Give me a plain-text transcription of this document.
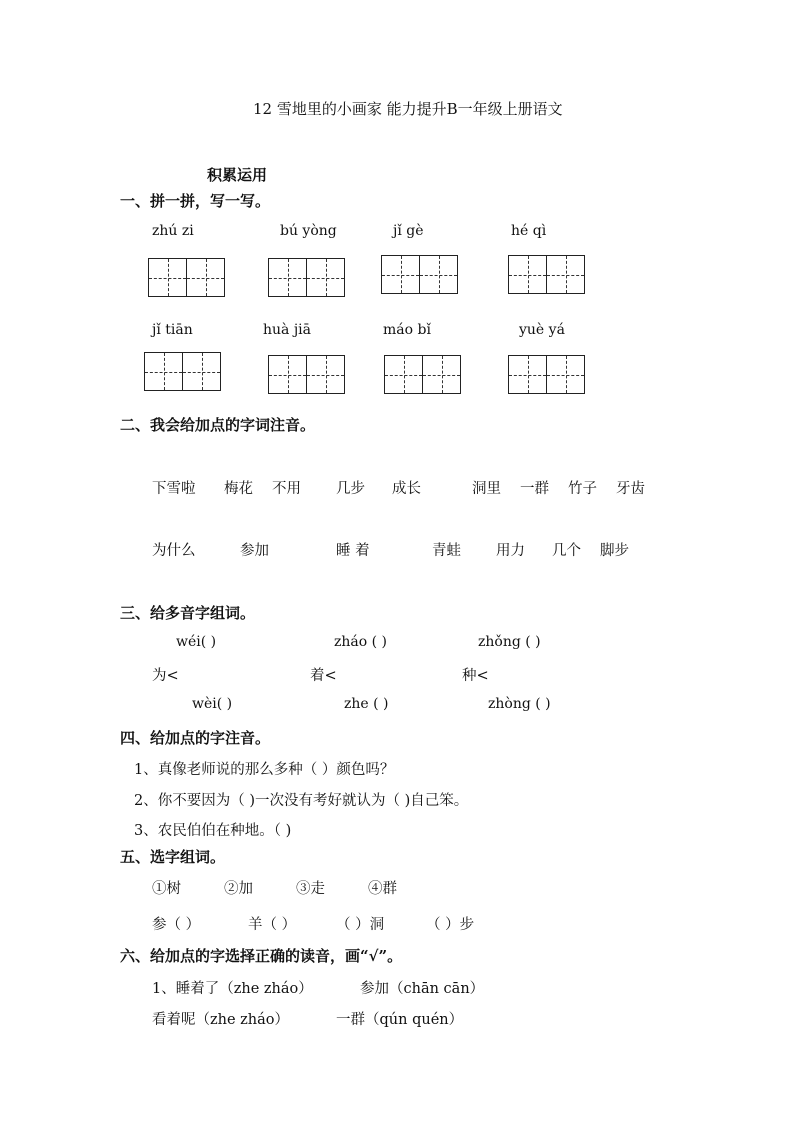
12 雪地里的小画家 能力提升B一年级上册语文
积累运用
一、拼一拼，写一写。
zhú zi	bú yòng	jǐ gè	hé qì
jǐ tiān	huà jiā	máo bǐ	yuè yá
二、我会给加点的字词注音。
下雪啦 梅花 不用 几步 成长	洞里 一群 竹子 牙齿
为什么	参加	睡 着	青蛙 用力 几个 脚步
三、给多音字组词。
wéi( )	zháo ( )	zhǒng ( )
为<	着<	种<
wèi( )	zhe ( )	zhòng ( )
四、给加点的字注音。
1、真像老师说的那么多种（ ）颜色吗？
2、你不要因为（ )一次没有考好就认为（ )自己笨。
3、农民伯伯在种地。（ )
五、选字组词。
①树	②加	③走	④群
参（ ）	羊（ ）	（ ）洞	（ ）步
六、给加点的字选择正确的读音，画“√”。
1、睡着了（zhe zháo）	参加（chān cān）
看着呢（zhe zháo）	一群（qún quén）
